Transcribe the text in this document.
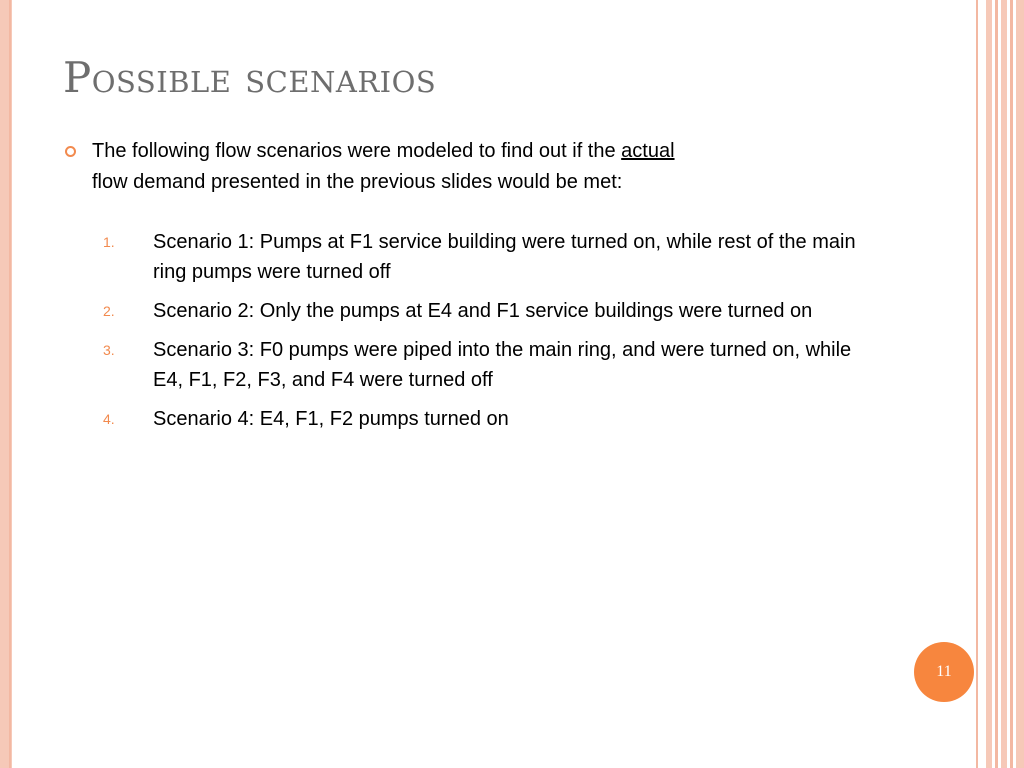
Possible scenarios
The following flow scenarios were modeled to find out if the actual
flow demand presented in the previous slides would be met:
1. Scenario 1: Pumps at F1 service building were turned on, while rest of the main ring pumps were turned off
2. Scenario 2: Only the pumps at E4 and F1 service buildings were turned on
3. Scenario 3: F0 pumps were piped into the main ring, and were turned on, while E4, F1, F2, F3, and F4 were turned off
4. Scenario 4: E4, F1, F2 pumps turned on
11
